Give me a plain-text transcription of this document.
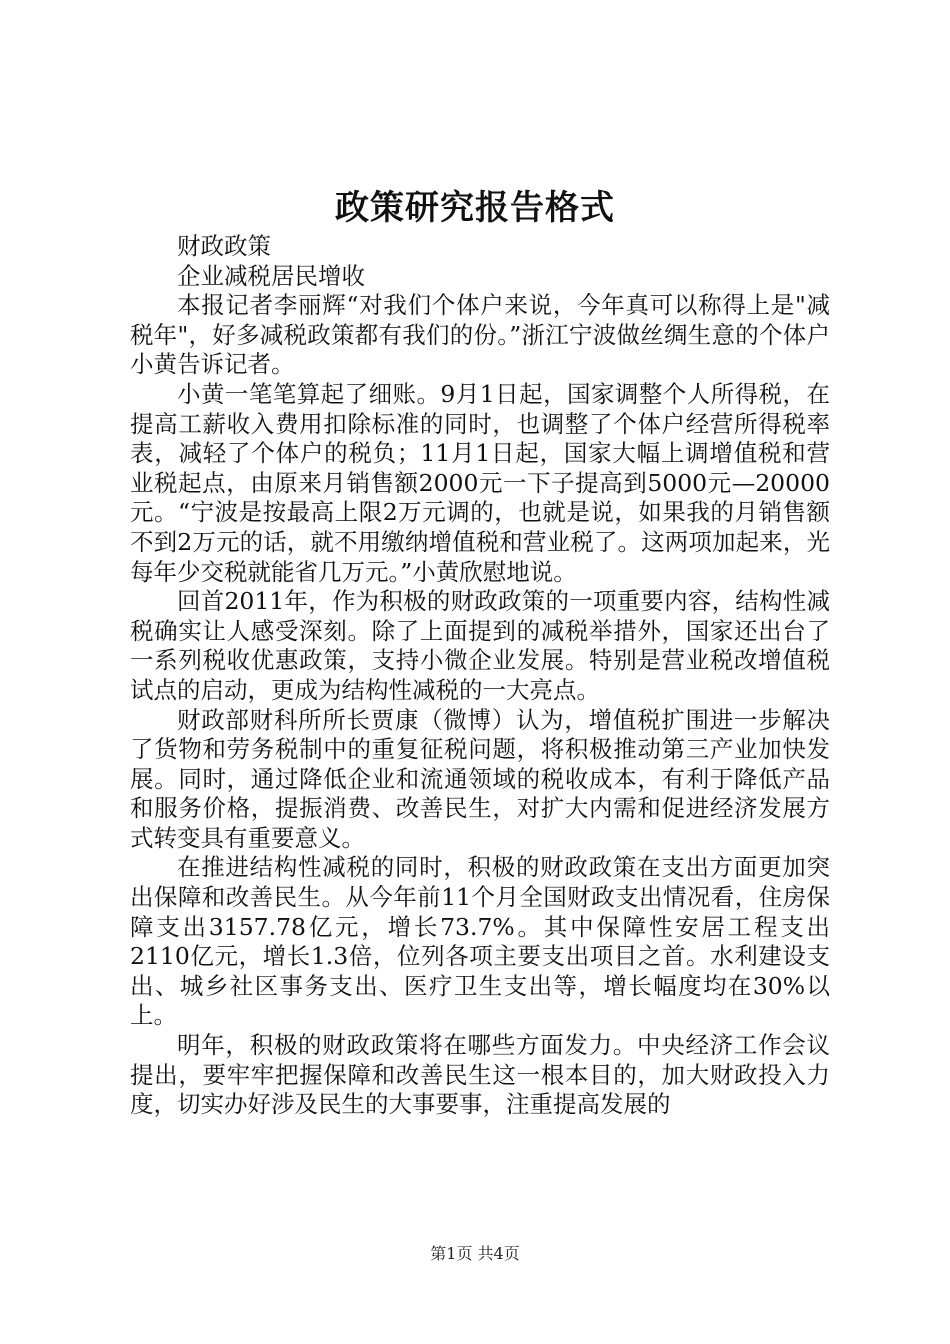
政策研究报告格式

财政政策

企业减税居民增收

本报记者李丽辉“对我们个体户来说，今年真可以称得上是"减税年"，好多减税政策都有我们的份。”浙江宁波做丝绸生意的个体户小黄告诉记者。

小黄一笔笔算起了细账。9月1日起，国家调整个人所得税，在提高工薪收入费用扣除标准的同时，也调整了个体户经营所得税率表，减轻了个体户的税负；11月1日起，国家大幅上调增值税和营业税起点，由原来月销售额2000元一下子提高到5000元—20000元。“宁波是按最高上限2万元调的，也就是说，如果我的月销售额不到2万元的话，就不用缴纳增值税和营业税了。这两项加起来，光每年少交税就能省几万元。”小黄欣慰地说。

回首2011年，作为积极的财政政策的一项重要内容，结构性减税确实让人感受深刻。除了上面提到的减税举措外，国家还出台了一系列税收优惠政策，支持小微企业发展。特别是营业税改增值税试点的启动，更成为结构性减税的一大亮点。

财政部财科所所长贾康（微博）认为，增值税扩围进一步解决了货物和劳务税制中的重复征税问题，将积极推动第三产业加快发展。同时，通过降低企业和流通领域的税收成本，有利于降低产品和服务价格，提振消费、改善民生，对扩大内需和促进经济发展方式转变具有重要意义。

在推进结构性减税的同时，积极的财政政策在支出方面更加突出保障和改善民生。从今年前11个月全国财政支出情况看，住房保障支出3157.78亿元，增长73.7%。其中保障性安居工程支出2110亿元，增长1.3倍，位列各项主要支出项目之首。水利建设支出、城乡社区事务支出、医疗卫生支出等，增长幅度均在30%以上。

明年，积极的财政政策将在哪些方面发力。中央经济工作会议提出，要牢牢把握保障和改善民生这一根本目的，加大财政投入力度，切实办好涉及民生的大事要事，注重提高发展的

第1页 共4页
